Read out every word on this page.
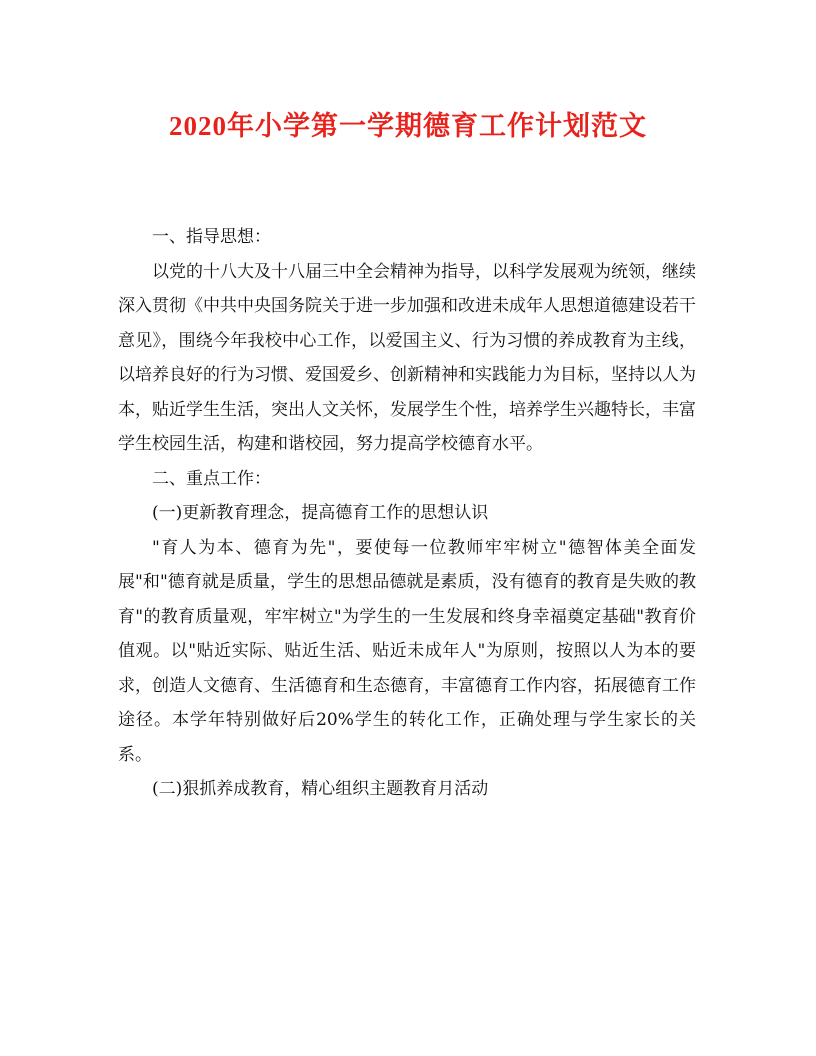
2020年小学第一学期德育工作计划范文

一、指导思想：

以党的十八大及十八届三中全会精神为指导，以科学发展观为统领，继续深入贯彻《中共中央国务院关于进一步加强和改进未成年人思想道德建设若干意见》，围绕今年我校中心工作，以爱国主义、行为习惯的养成教育为主线，以培养良好的行为习惯、爱国爱乡、创新精神和实践能力为目标，坚持以人为本，贴近学生生活，突出人文关怀，发展学生个性，培养学生兴趣特长，丰富学生校园生活，构建和谐校园，努力提高学校德育水平。

二、重点工作：

(一)更新教育理念，提高德育工作的思想认识

"育人为本、德育为先"，要使每一位教师牢牢树立"德智体美全面发展"和"德育就是质量，学生的思想品德就是素质，没有德育的教育是失败的教育"的教育质量观，牢牢树立"为学生的一生发展和终身幸福奠定基础"教育价值观。以"贴近实际、贴近生活、贴近未成年人"为原则，按照以人为本的要求，创造人文德育、生活德育和生态德育，丰富德育工作内容，拓展德育工作途径。本学年特别做好后20%学生的转化工作，正确处理与学生家长的关系。

(二)狠抓养成教育，精心组织主题教育月活动
